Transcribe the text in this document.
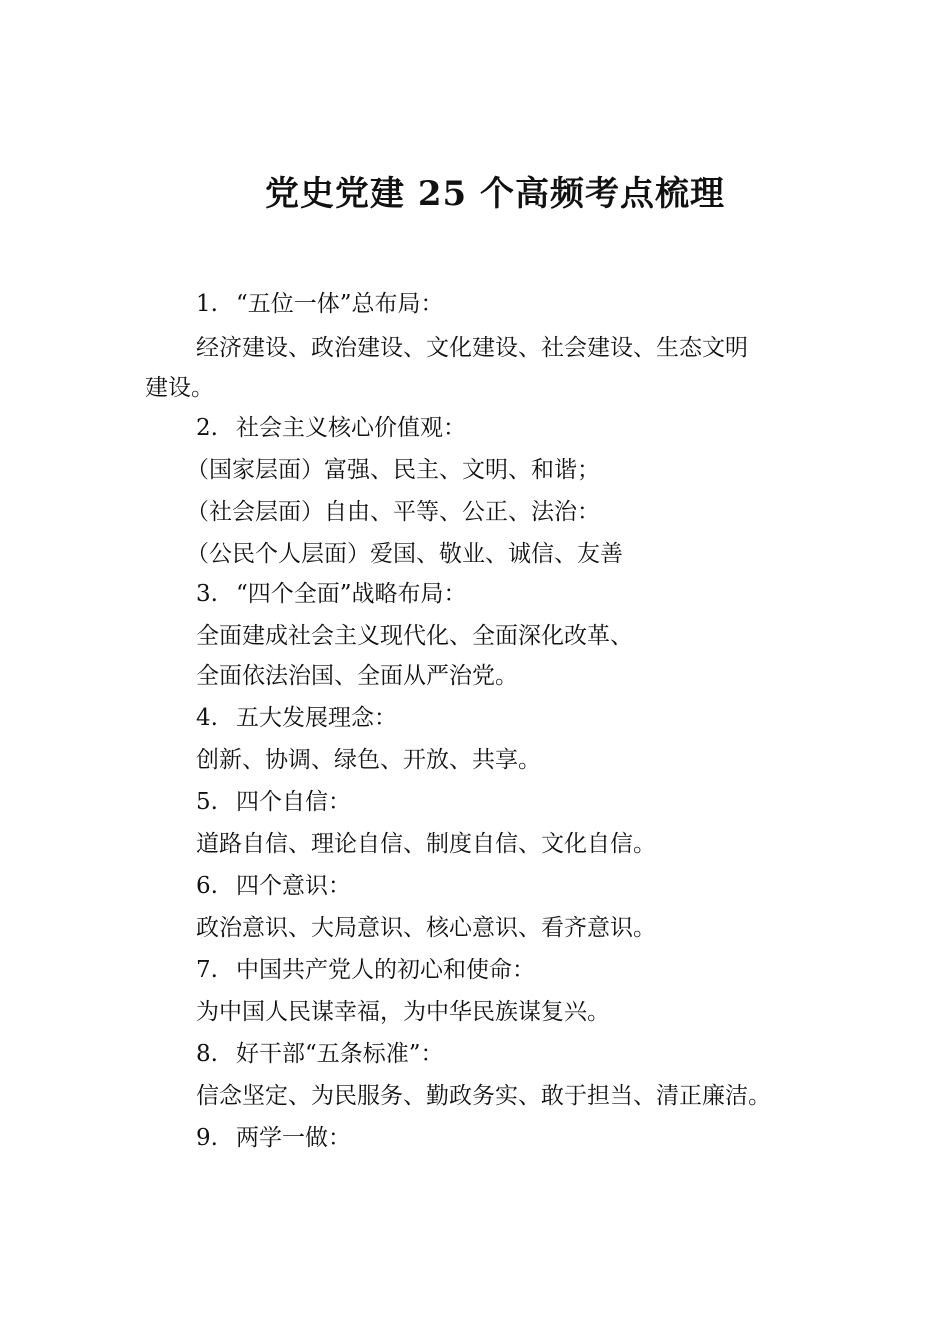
党史党建 25 个高频考点梳理
1. “五位一体”总布局：
经济建设、政治建设、文化建设、社会建设、生态文明
建设。
2. 社会主义核心价值观：
（国家层面）富强、民主、文明、和谐；
（社会层面）自由、平等、公正、法治：
（公民个人层面）爱国、敬业、诚信、友善
3. “四个全面”战略布局：
全面建成社会主义现代化、全面深化改革、
全面依法治国、全面从严治党。
4. 五大发展理念：
创新、协调、绿色、开放、共享。
5. 四个自信：
道路自信、理论自信、制度自信、文化自信。
6. 四个意识：
政治意识、大局意识、核心意识、看齐意识。
7. 中国共产党人的初心和使命：
为中国人民谋幸福，为中华民族谋复兴。
8. 好干部“五条标准”：
信念坚定、为民服务、勤政务实、敢于担当、清正廉洁。
9. 两学一做：
